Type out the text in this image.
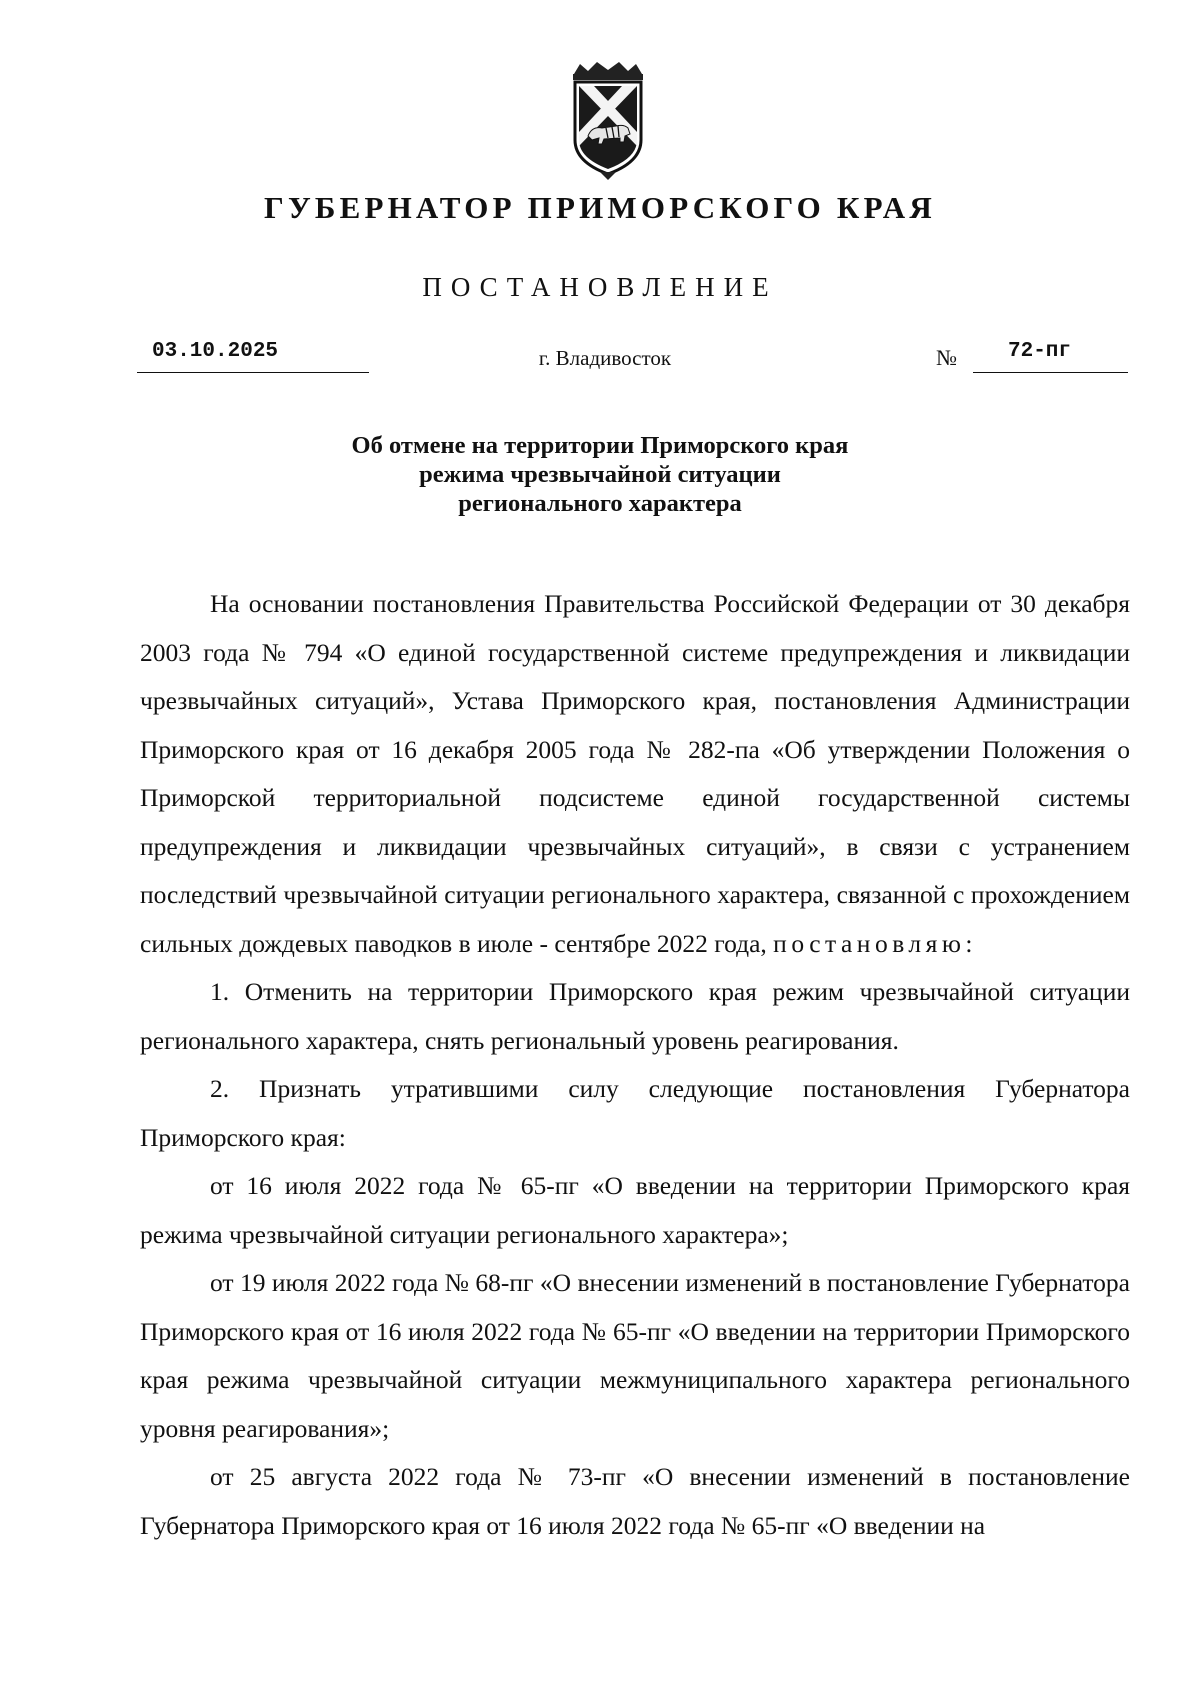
ГУБЕРНАТОР ПРИМОРСКОГО КРАЯ
ПОСТАНОВЛЕНИЕ
03.10.2025	г. Владивосток	№	72-пг
Об отмене на территории Приморского края
режима чрезвычайной ситуации
регионального характера

На основании постановления Правительства Российской Федерации от 30 декабря 2003 года № 794 «О единой государственной системе предупреждения и ликвидации чрезвычайных ситуаций», Устава Приморского края, постановления Администрации Приморского края от 16 декабря 2005 года № 282-па «Об утверждении Положения о Приморской территориальной подсистеме единой государственной системы предупреждения и ликвидации чрезвычайных ситуаций», в связи с устранением последствий чрезвычайной ситуации регионального характера, связанной с прохождением сильных дождевых паводков в июле - сентябре 2022 года, постановляю:

1. Отменить на территории Приморского края режим чрезвычайной ситуации регионального характера, снять региональный уровень реагирования.

2. Признать утратившими силу следующие постановления Губернатора Приморского края:

от 16 июля 2022 года № 65-пг «О введении на территории Приморского края режима чрезвычайной ситуации регионального характера»;

от 19 июля 2022 года № 68-пг «О внесении изменений в постановление Губернатора Приморского края от 16 июля 2022 года № 65-пг «О введении на территории Приморского края режима чрезвычайной ситуации межмуниципального характера регионального уровня реагирования»;

от 25 августа 2022 года № 73-пг «О внесении изменений в постановление Губернатора Приморского края от 16 июля 2022 года № 65-пг «О введении на
